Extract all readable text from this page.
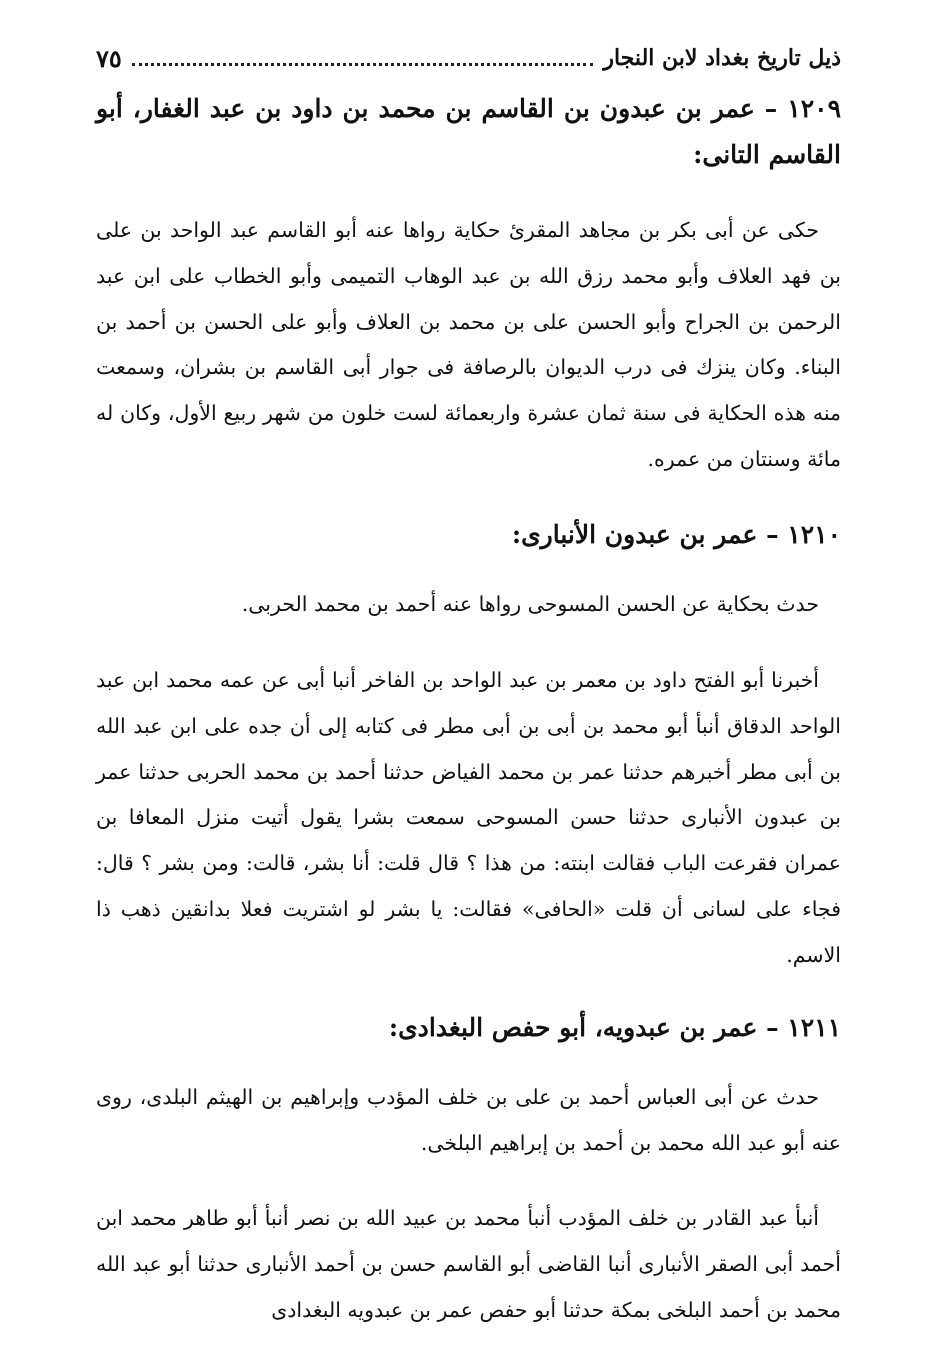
ذيل تاريخ بغداد لابن النجار
٧٥
١٢٠٩ – عمر بن عبدون بن القاسم بن محمد بن داود بن عبد الغفار، أبو القاسم التانى:

حكى عن أبى بكر بن مجاهد المقرئ حكاية رواها عنه أبو القاسم عبد الواحد بن على بن فهد العلاف وأبو محمد رزق الله بن عبد الوهاب التميمى وأبو الخطاب على ابن عبد الرحمن بن الجراح وأبو الحسن على بن محمد بن العلاف وأبو على الحسن بن أحمد بن البناء. وكان ينزك فى درب الديوان بالرصافة فى جوار أبى القاسم بن بشران، وسمعت منه هذه الحكاية فى سنة ثمان عشرة واربعمائة لست خلون من شهر ربيع الأول، وكان له مائة وسنتان من عمره.

١٢١٠ – عمر بن عبدون الأنبارى:

حدث بحكاية عن الحسن المسوحى رواها عنه أحمد بن محمد الحربى.

أخبرنا أبو الفتح داود بن معمر بن عبد الواحد بن الفاخر أنبا أبى عن عمه محمد ابن عبد الواحد الدقاق أنبأ أبو محمد بن أبى بن أبى مطر فى كتابه إلى أن جده على ابن عبد الله بن أبى مطر أخبرهم حدثنا عمر بن محمد الفياض حدثنا أحمد بن محمد الحربى حدثنا عمر بن عبدون الأنبارى حدثنا حسن المسوحى سمعت بشرا يقول أتيت منزل المعافا بن عمران فقرعت الباب فقالت ابنته: من هذا ؟ قال قلت: أنا بشر، قالت: ومن بشر ؟ قال: فجاء على لسانى أن قلت «الحافى» فقالت: يا بشر لو اشتريت فعلا بدانقين ذهب ذا الاسم.

١٢١١ – عمر بن عبدويه، أبو حفص البغدادى:

حدث عن أبى العباس أحمد بن على بن خلف المؤدب وإبراهيم بن الهيثم البلدى، روى عنه أبو عبد الله محمد بن أحمد بن إبراهيم البلخى.

أنبأ عبد القادر بن خلف المؤدب أنبأ محمد بن عبيد الله بن نصر أنبأ أبو طاهر محمد ابن أحمد أبى الصقر الأنبارى أنبا القاضى أبو القاسم حسن بن أحمد الأنبارى حدثنا أبو عبد الله محمد بن أحمد البلخى بمكة حدثنا أبو حفص عمر بن عبدويه البغدادى
